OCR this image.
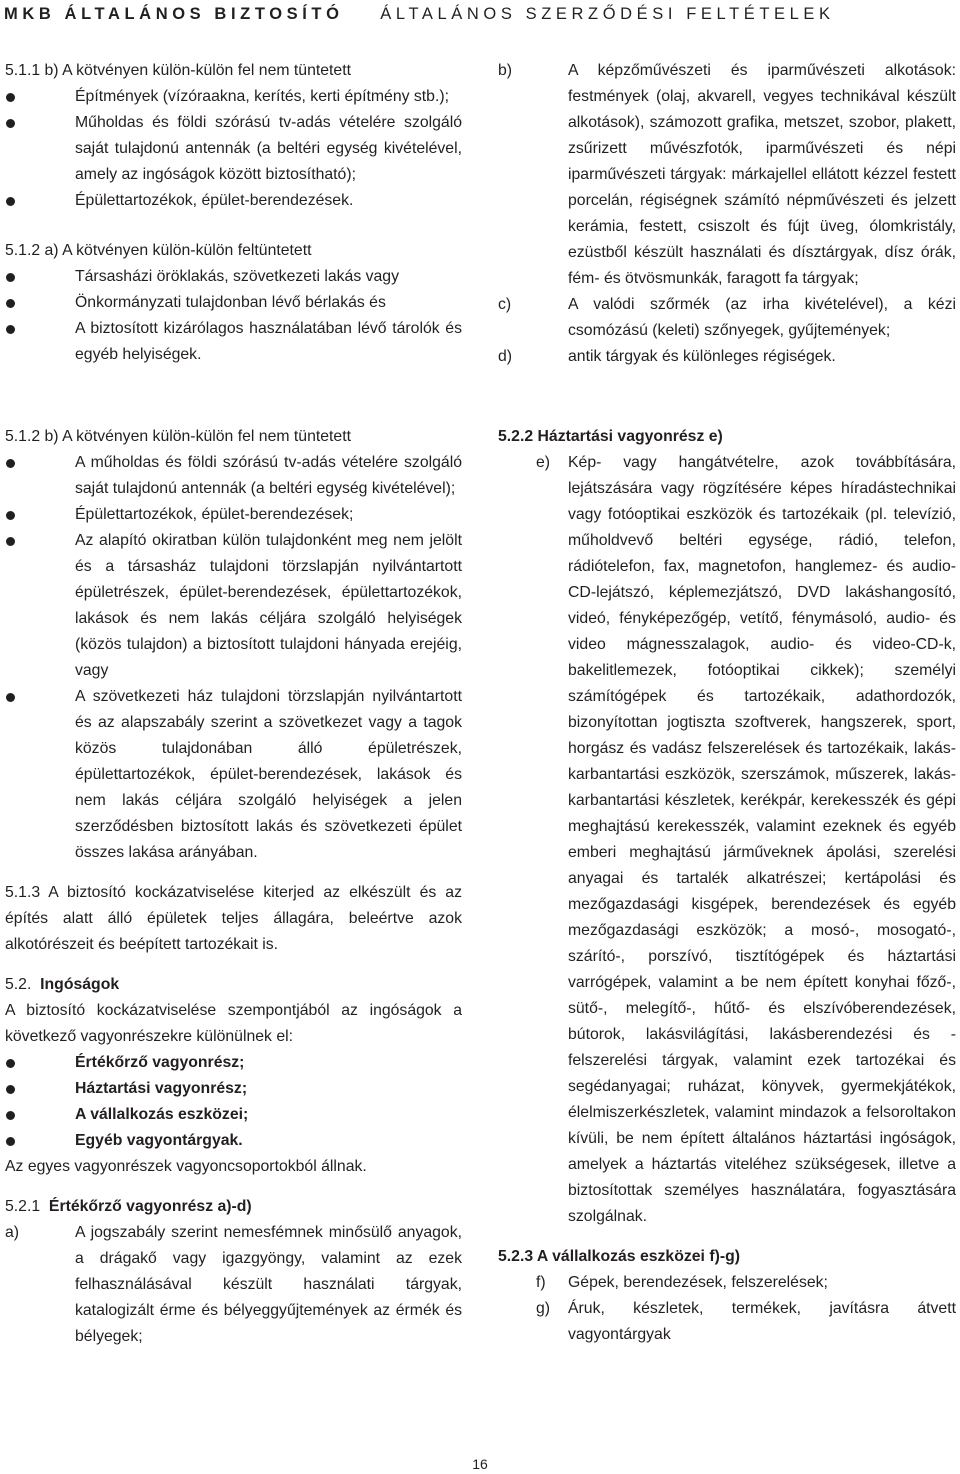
MKB ÁLTALÁNOS BIZTOSÍTÓ ÁLTALÁNOS SZERZŐDÉSI FELTÉTELEK

5.1.1 b) A kötvényen külön-külön fel nem tüntetett

Építmények (vízóraakna, kerítés, kerti építmény stb.);
Műholdas és földi szórású tv-adás vételére szolgáló saját tulajdonú antennák (a beltéri egység kivételével, amely az ingóságok között biztosítható);
Épülettartozékok, épület-berendezések.

5.1.2 a) A kötvényen külön-külön feltüntetett

Társasházi öröklakás, szövetkezeti lakás vagy
Önkormányzati tulajdonban lévő bérlakás és
A biztosított kizárólagos használatában lévő tárolók és egyéb helyiségek.

5.1.2 b) A kötvényen külön-külön fel nem tüntetett

A műholdas és földi szórású tv-adás vételére szolgáló saját tulajdonú antennák (a beltéri egység kivételével);
Épülettartozékok, épület-berendezések;
Az alapító okiratban külön tulajdonként meg nem jelölt és a társasház tulajdoni törzslapján nyilvántartott épületrészek, épület-berendezések, épülettartozékok, lakások és nem lakás céljára szolgáló helyiségek (közös tulajdon) a biztosított tulajdoni hányada erejéig, vagy
A szövetkezeti ház tulajdoni törzslapján nyilvántartott és az alapszabály szerint a szövetkezet vagy a tagok közös tulajdonában álló épületrészek, épülettartozékok, épület-berendezések, lakások és nem lakás céljára szolgáló helyiségek a jelen szerződésben biztosított lakás és szövetkezeti épület összes lakása arányában.

5.1.3 A biztosító kockázatviselése kiterjed az elkészült és az építés alatt álló épületek teljes állagára, beleértve azok alkotórészeit és beépített tartozékait is.

5.2. Ingóságok

A biztosító kockázatviselése szempontjából az ingóságok a következő vagyonrészekre különülnek el:

Értékőrző vagyonrész;
Háztartási vagyonrész;
A vállalkozás eszközei;
Egyéb vagyontárgyak.

Az egyes vagyonrészek vagyoncsoportokból állnak.

5.2.1 Értékőrző vagyonrész a)-d)

a)	A jogszabály szerint nemesfémnek minősülő anyagok, a drágakő vagy igazgyöngy, valamint az ezek felhasználásával készült használati tárgyak, katalogizált érme és bélyeggyűjtemények az érmék és bélyegek;
b)	A képzőművészeti és iparművészeti alkotások: festmények (olaj, akvarell, vegyes technikával készült alkotások), számozott grafika, metszet, szobor, plakett, zsűrizett művészfotók, iparművészeti és népi iparművészeti tárgyak: márkajellel ellátott kézzel festett porcelán, régiségnek számító népművészeti és jelzett kerámia, festett, csiszolt és fújt üveg, ólomkristály, ezüstből készült használati és dísztárgyak, dísz órák, fém- és ötvösmunkák, faragott fa tárgyak;
c)	A valódi szőrmék (az irha kivételével), a kézi csomózású (keleti) szőnyegek, gyűjtemények;
d)	antik tárgyak és különleges régiségek.

5.2.2 Háztartási vagyonrész e)

e) Kép- vagy hangátvételre, azok továbbítására, lejátszására vagy rögzítésére képes híradástechnikai vagy fotóoptikai eszközök és tartozékaik (pl. televízió, műholdvevő beltéri egysége, rádió, telefon, rádiótelefon, fax, magnetofon, hanglemez- és audio-CD-lejátszó, képlemezjátszó, DVD lakáshangosító, videó, fényképezőgép, vetítő, fénymásoló, audio- és video mágnesszalagok, audio- és video-CD-k, bakelitlemezek, fotóoptikai cikkek); személyi számítógépek és tartozékaik, adathordozók, bizonyítottan jogtiszta szoftverek, hangszerek, sport, horgász és vadász felszerelések és tartozékaik, lakás-karbantartási eszközök, szerszámok, műszerek, lakás-karbantartási készletek, kerékpár, kerekesszék és gépi meghajtású kerekesszék, valamint ezeknek és egyéb emberi meghajtású járműveknek ápolási, szerelési anyagai és tartalék alkatrészei; kertápolási és mezőgazdasági kisgépek, berendezések és egyéb mezőgazdasági eszközök; a mosó-, mosogató-, szárító-, porszívó, tisztítógépek és háztartási varrógépek, valamint a be nem épített konyhai főző-, sütő-, melegítő-, hűtő- és elszívóberendezések, bútorok, lakásvilágítási, lakásberendezési és -felszerelési tárgyak, valamint ezek tartozékai és segédanyagai; ruházat, könyvek, gyermekjátékok, élelmiszerkészletek, valamint mindazok a felsoroltakon kívüli, be nem épített általános háztartási ingóságok, amelyek a háztartás viteléhez szükségesek, illetve a biztosítottak személyes használatára, fogyasztására szolgálnak.

5.2.3 A vállalkozás eszközei f)-g)

f) Gépek, berendezések, felszerelések;
g) Áruk, készletek, termékek, javításra átvett vagyontárgyak
16
